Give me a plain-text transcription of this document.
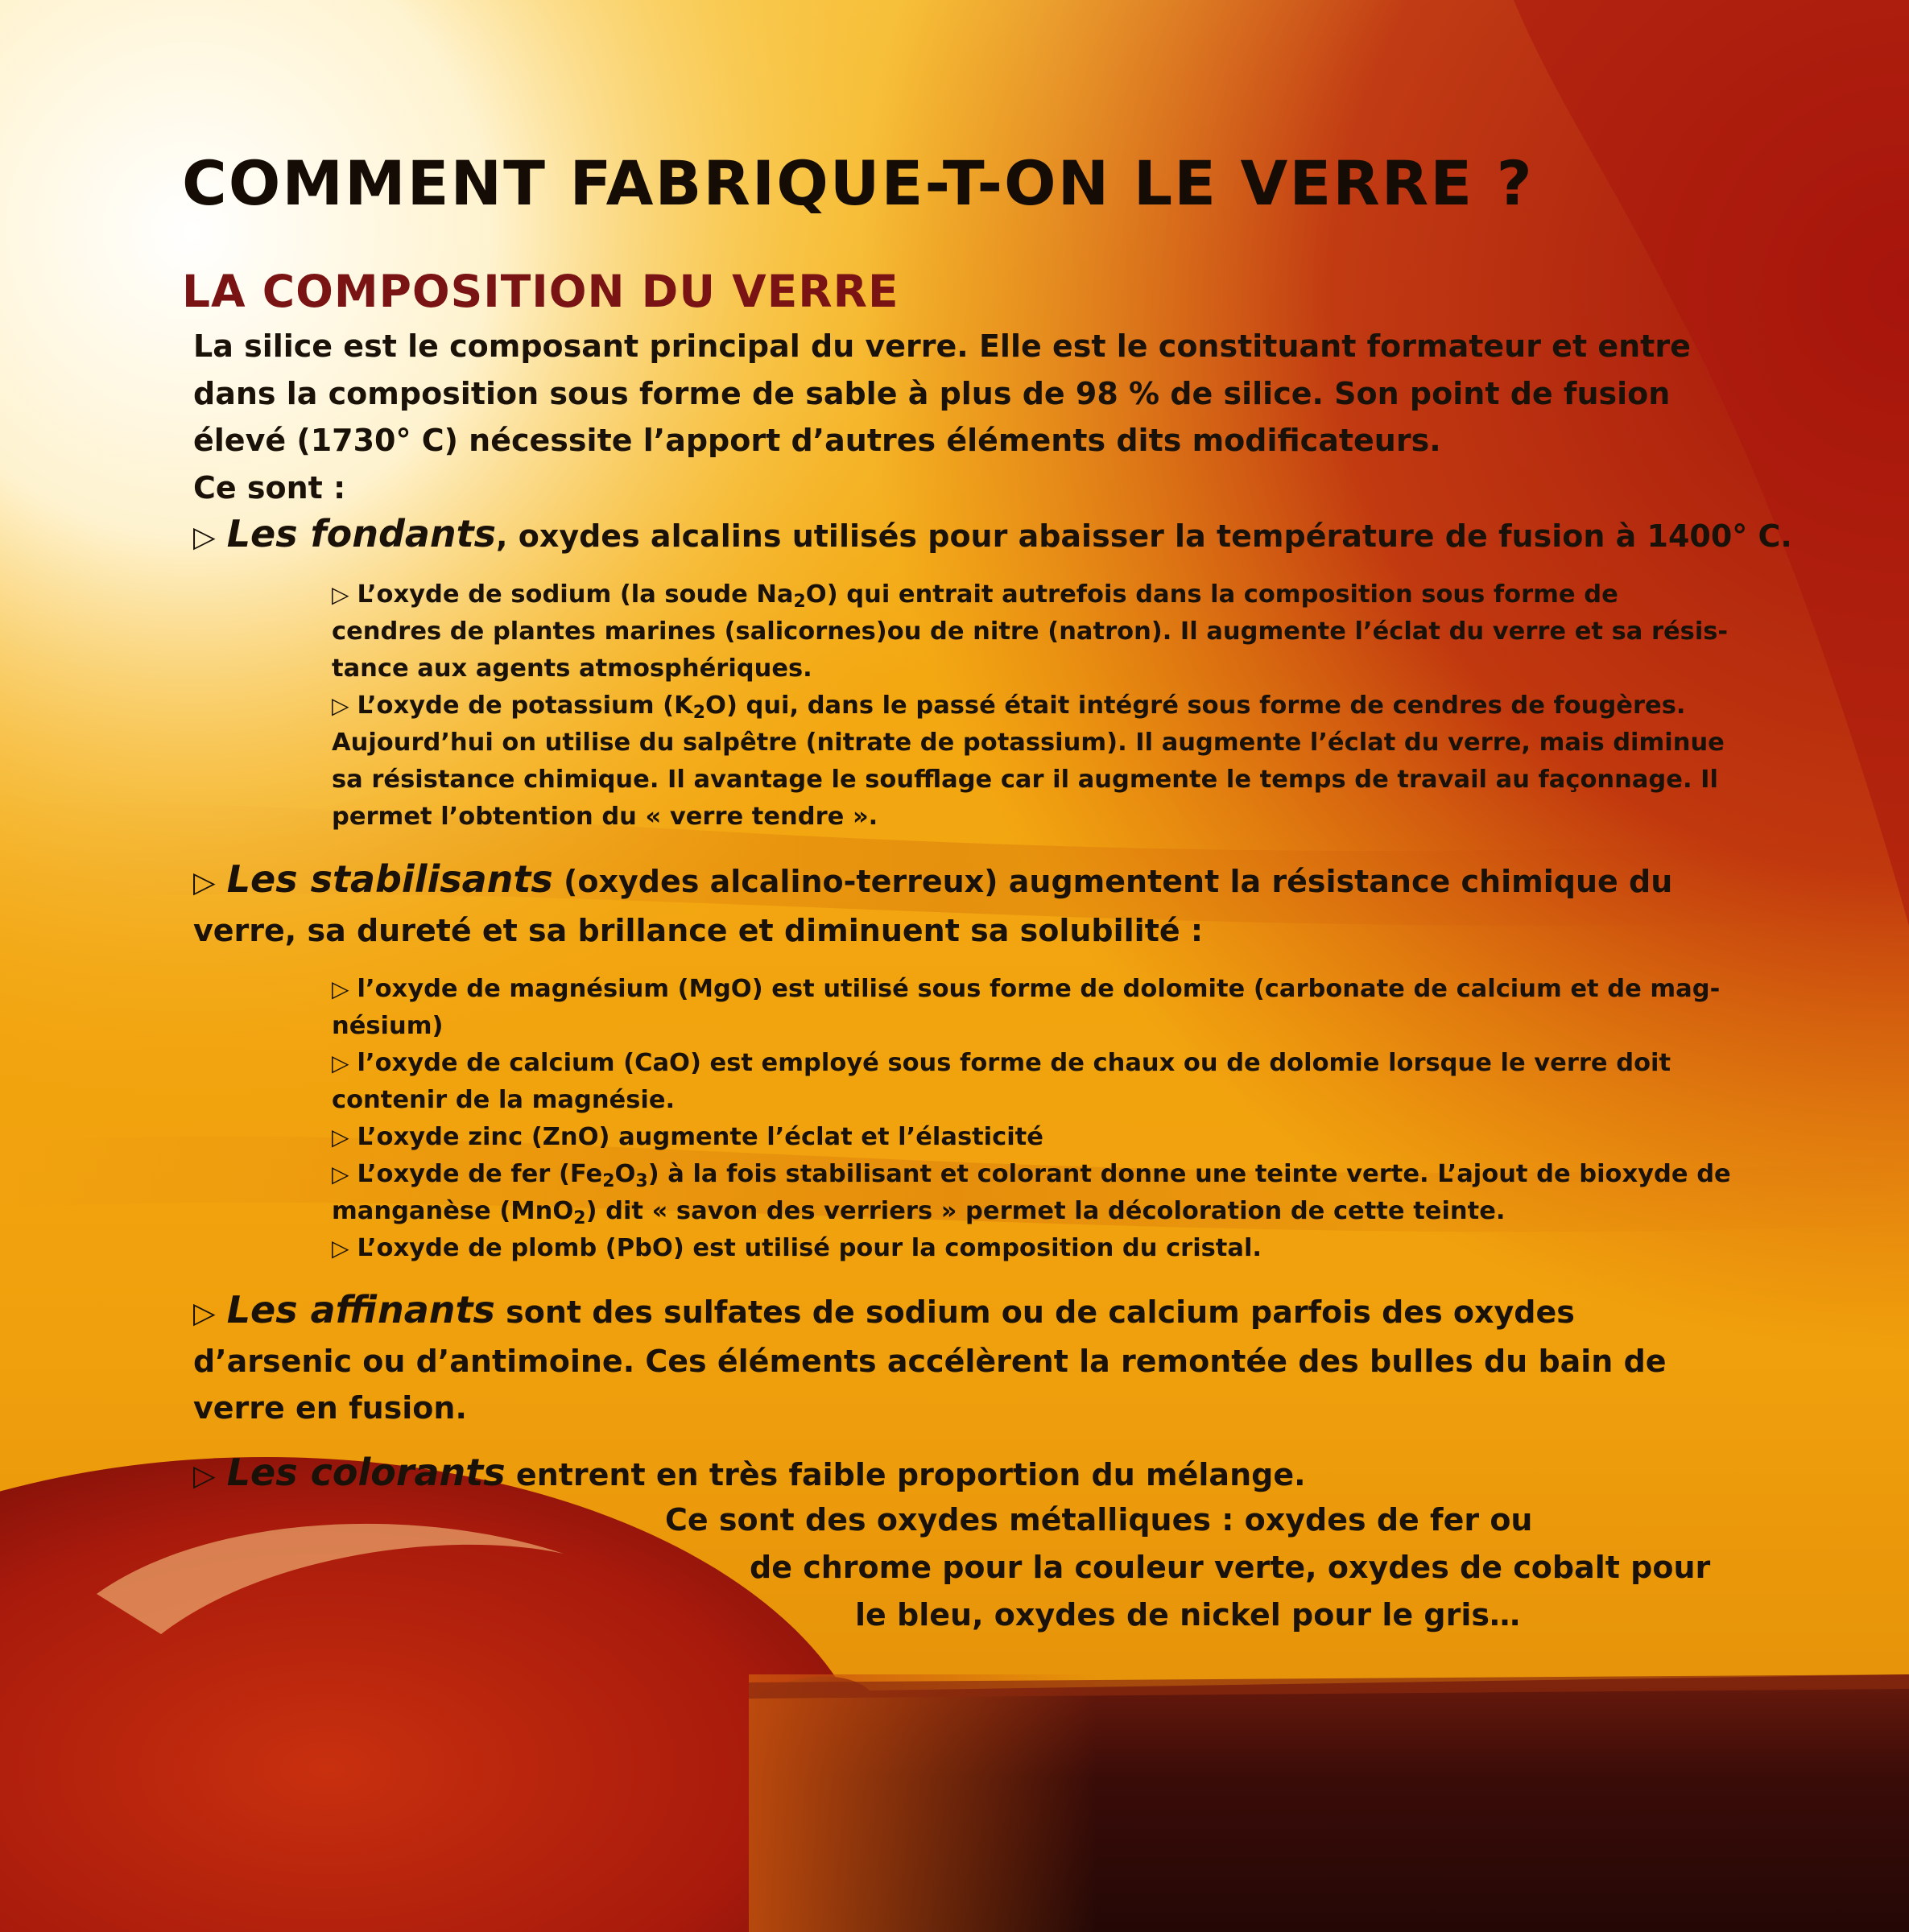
COMMENT FABRIQUE-T-ON LE VERRE ?
LA COMPOSITION DU VERRE
La silice est le composant principal du verre. Elle est le constituant formateur et entre
dans la composition sous forme de sable à plus de 98 % de silice. Son point de fusion
élevé (1730° C) nécessite l’apport d’autres éléments dits modificateurs.
Ce sont :
▷ Les fondants, oxydes alcalins utilisés pour abaisser la température de fusion à 1400° C.
▷ L’oxyde de sodium (la soude $Na_2O$) qui entrait autrefois dans la composition sous forme de
cendres de plantes marines (salicornes)ou de nitre (natron). Il augmente l’éclat du verre et sa résis-
tance aux agents atmosphériques.
▷ L’oxyde de potassium $(K_2O)$ qui, dans le passé était intégré sous forme de cendres de fougères.
Aujourd’hui on utilise du salpêtre (nitrate de potassium). Il augmente l’éclat du verre, mais diminue
sa résistance chimique. Il avantage le soufflage car il augmente le temps de travail au façonnage. Il
permet l’obtention du « verre tendre ».
▷ Les stabilisants (oxydes alcalino-terreux) augmentent la résistance chimique du
verre, sa dureté et sa brillance et diminuent sa solubilité :
▷ l’oxyde de magnésium (MgO) est utilisé sous forme de dolomite (carbonate de calcium et de mag-
nésium)
▷ l’oxyde de calcium (CaO) est employé sous forme de chaux ou de dolomie lorsque le verre doit
contenir de la magnésie.
▷ L’oxyde zinc (ZnO) augmente l’éclat et l’élasticité
▷ L’oxyde de fer $(Fe_2O_3)$ à la fois stabilisant et colorant donne une teinte verte. L’ajout de bioxyde de
manganèse (MnO$_2$) dit « savon des verriers » permet la décoloration de cette teinte.
▷ L’oxyde de plomb (PbO) est utilisé pour la composition du cristal.
▷ Les affinants sont des sulfates de sodium ou de calcium parfois des oxydes
d’arsenic ou d’antimoine. Ces éléments accélèrent la remontée des bulles du bain de
verre en fusion.
▷ Les colorants entrent en très faible proportion du mélange.
Ce sont des oxydes métalliques : oxydes de fer ou
de chrome pour la couleur verte, oxydes de cobalt pour
le bleu, oxydes de nickel pour le gris…
